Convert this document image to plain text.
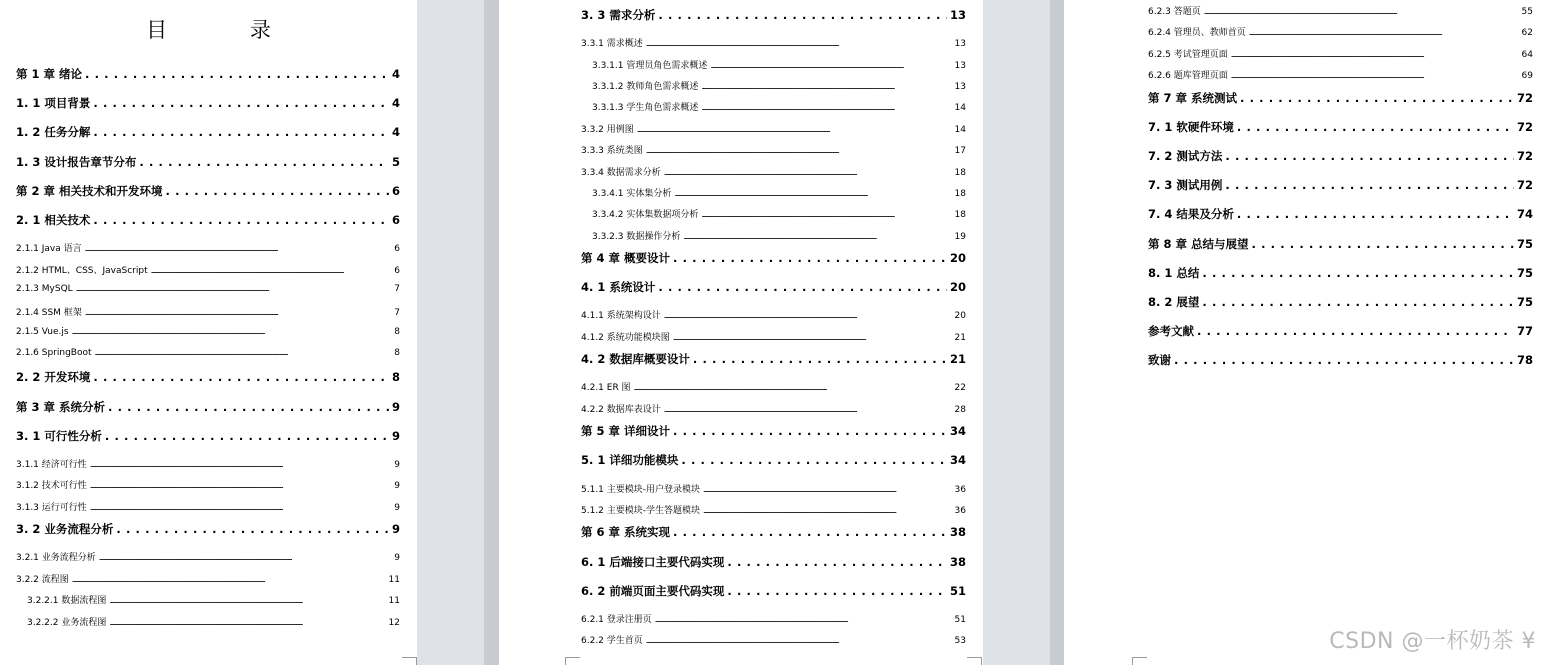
目 录
第 1 章 绪论 . . .	4
1. 1 项目背景 . . .	4
1. 2 任务分解 . . .	4
1. 3 设计报告章节分布 . . .	5
第 2 章 相关技术和开发环境 . . .	6
2. 1 相关技术 . . .	6
2.1.1 Java 语言 .....	6
2.1.2 HTML、CSS、JavaScript .....	6
2.1.3 MySQL .....	7
2.1.4 SSM 框架 .....	7
2.1.5 Vue.js .....	8
2.1.6 SpringBoot .....	8
2. 2 开发环境 . . .	8
第 3 章 系统分析 . . .	9
3. 1 可行性分析 . . .	9
3.1.1 经济可行性 .....	9
3.1.2 技术可行性 .....	9
3.1.3 运行可行性 .....	9
3. 2 业务流程分析 . . .	9
3.2.1 业务流程分析 .....	9
3.2.2 流程图 .....	11
3.2.2.1 数据流程图 .....	11
3.2.2.2 业务流程图 .....	12
3. 3 需求分析 . . .	13
3.3.1 需求概述 .....	13
3.3.1.1 管理员角色需求概述 .....	13
3.3.1.2 教师角色需求概述 .....	13
3.3.1.3 学生角色需求概述 .....	14
3.3.2 用例图 .....	14
3.3.3 系统类图 .....	17
3.3.4 数据需求分析 .....	18
3.3.4.1 实体集分析 .....	18
3.3.4.2 实体集数据项分析 .....	18
3.3.2.3 数据操作分析 .....	19
第 4 章 概要设计 . . .	20
4. 1 系统设计 . . .	20
4.1.1 系统架构设计 .....	20
4.1.2 系统功能模块图 .....	21
4. 2 数据库概要设计 . . .	21
4.2.1 ER 图 .....	22
4.2.2 数据库表设计 .....	28
第 5 章 详细设计 . . .	34
5. 1 详细功能模块 . . .	34
5.1.1 主要模块-用户登录模块 .....	36
5.1.2 主要模块-学生答题模块 .....	36
第 6 章 系统实现 . . .	38
6. 1 后端接口主要代码实现 . . .	38
6. 2 前端页面主要代码实现 . . .	51
6.2.1 登录注册页 .....	51
6.2.2 学生首页 .....	53
6.2.3 答题页 .....	55
6.2.4 管理员、教师首页 .....	62
6.2.5 考试管理页面 .....	64
6.2.6 题库管理页面 .....	69
第 7 章 系统测试 . . .	72
7. 1 软硬件环境 . . .	72
7. 2 测试方法 . . .	72
7. 3 测试用例 . . .	72
7. 4 结果及分析 . . .	74
第 8 章 总结与展望 . . .	75
8. 1 总结 . . .	75
8. 2 展望 . . .	75
参考文献 . . .	77
致谢 . . .	78
CSDN @一杯奶茶 ¥
